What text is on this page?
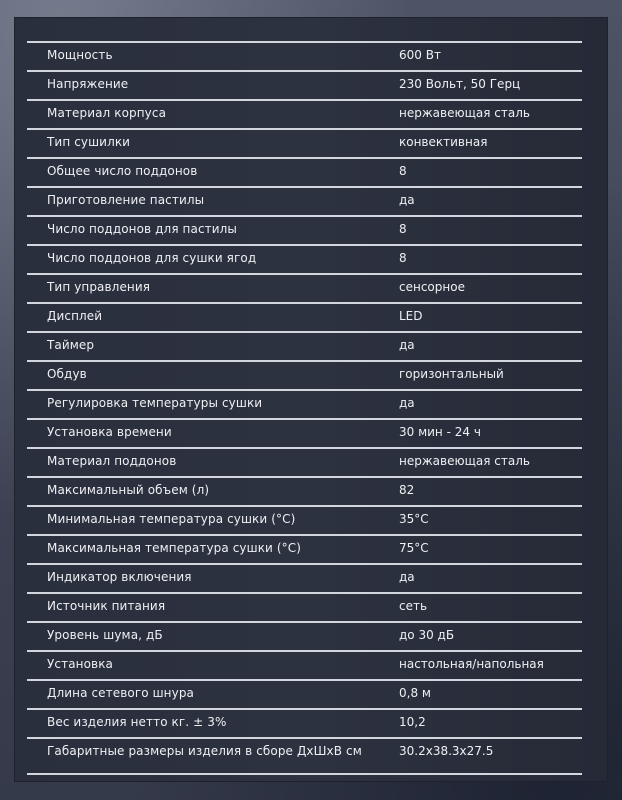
Мощность	600 Вт
Напряжение	230 Вольт, 50 Герц
Материал корпуса	нержавеющая сталь
Тип сушилки	конвективная
Общее число поддонов	8
Приготовление пастилы	да
Число поддонов для пастилы	8
Число поддонов для сушки ягод	8
Тип управления	сенсорное
Дисплей	LED
Таймер	да
Обдув	горизонтальный
Регулировка температуры сушки	да
Установка времени	30 мин - 24 ч
Материал поддонов	нержавеющая сталь
Максимальный объем (л)	82
Минимальная температура сушки (°C)	35°C
Максимальная температура сушки (°C)	75°C
Индикатор включения	да
Источник питания	сеть
Уровень шума, дБ	до 30 дБ
Установка	настольная/напольная
Длина сетевого шнура	0,8 м
Вес изделия нетто кг. ± 3%	10,2
Габаритные размеры изделия в сборе ДхШхВ см	30.2x38.3x27.5
